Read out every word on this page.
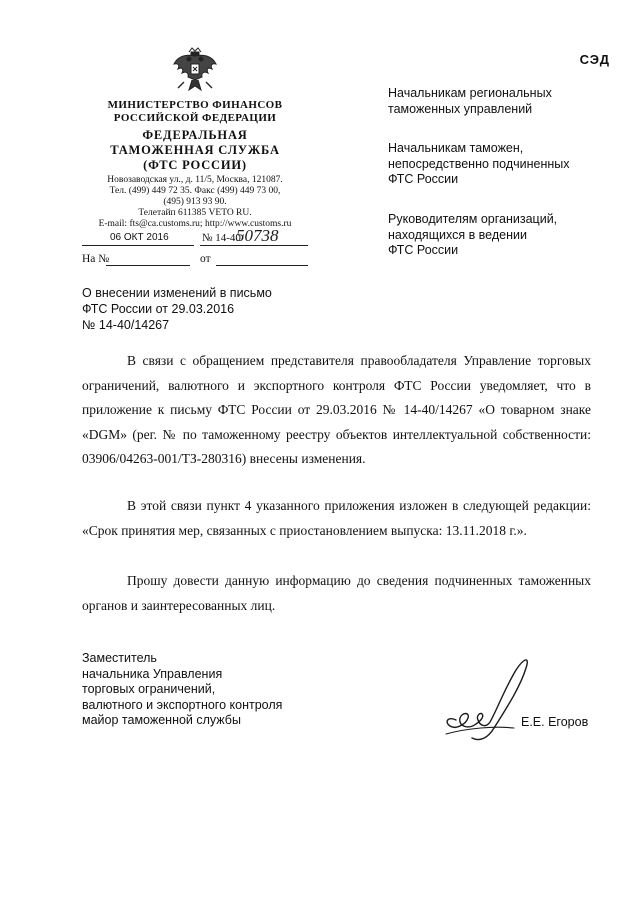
СЭД
МИНИСТЕРСТВО ФИНАНСОВ
РОССИЙСКОЙ ФЕДЕРАЦИИ
ФЕДЕРАЛЬНАЯ
ТАМОЖЕННАЯ СЛУЖБА
(ФТС РОССИИ)
Новозаводская ул., д. 11/5, Москва, 121087.
Тел. (499) 449 72 35. Факс (499) 449 73 00,
(495) 913 93 90.
Телетайп 611385 VETO RU.
E-mail: fts@ca.customs.ru; http://www.customs.ru
06 ОКТ 2016	№ 14-40/
50738
На №	от
Начальникам региональных
таможенных управлений
Начальникам таможен,
непосредственно подчиненных
ФТС России
Руководителям организаций,
находящихся в ведении
ФТС России
О внесении изменений в письмо
ФТС России от 29.03.2016
№ 14-40/14267

В связи с обращением представителя правообладателя Управление торговых ограничений, валютного и экспортного контроля ФТС России уведомляет, что в приложение к письму ФТС России от 29.03.2016 № 14-40/14267 «О товарном знаке «DGM» (рег. № по таможенному реестру объектов интеллектуальной собственности: 03906/04263-001/ТЗ-280316) внесены изменения.

В этой связи пункт 4 указанного приложения изложен в следующей редакции: «Срок принятия мер, связанных с приостановлением выпуска: 13.11.2018 г.».

Прошу довести данную информацию до сведения подчиненных таможенных органов и заинтересованных лиц.

Заместитель
начальника Управления
торговых ограничений,
валютного и экспортного контроля
майор таможенной службы	Е.Е. Егоров
